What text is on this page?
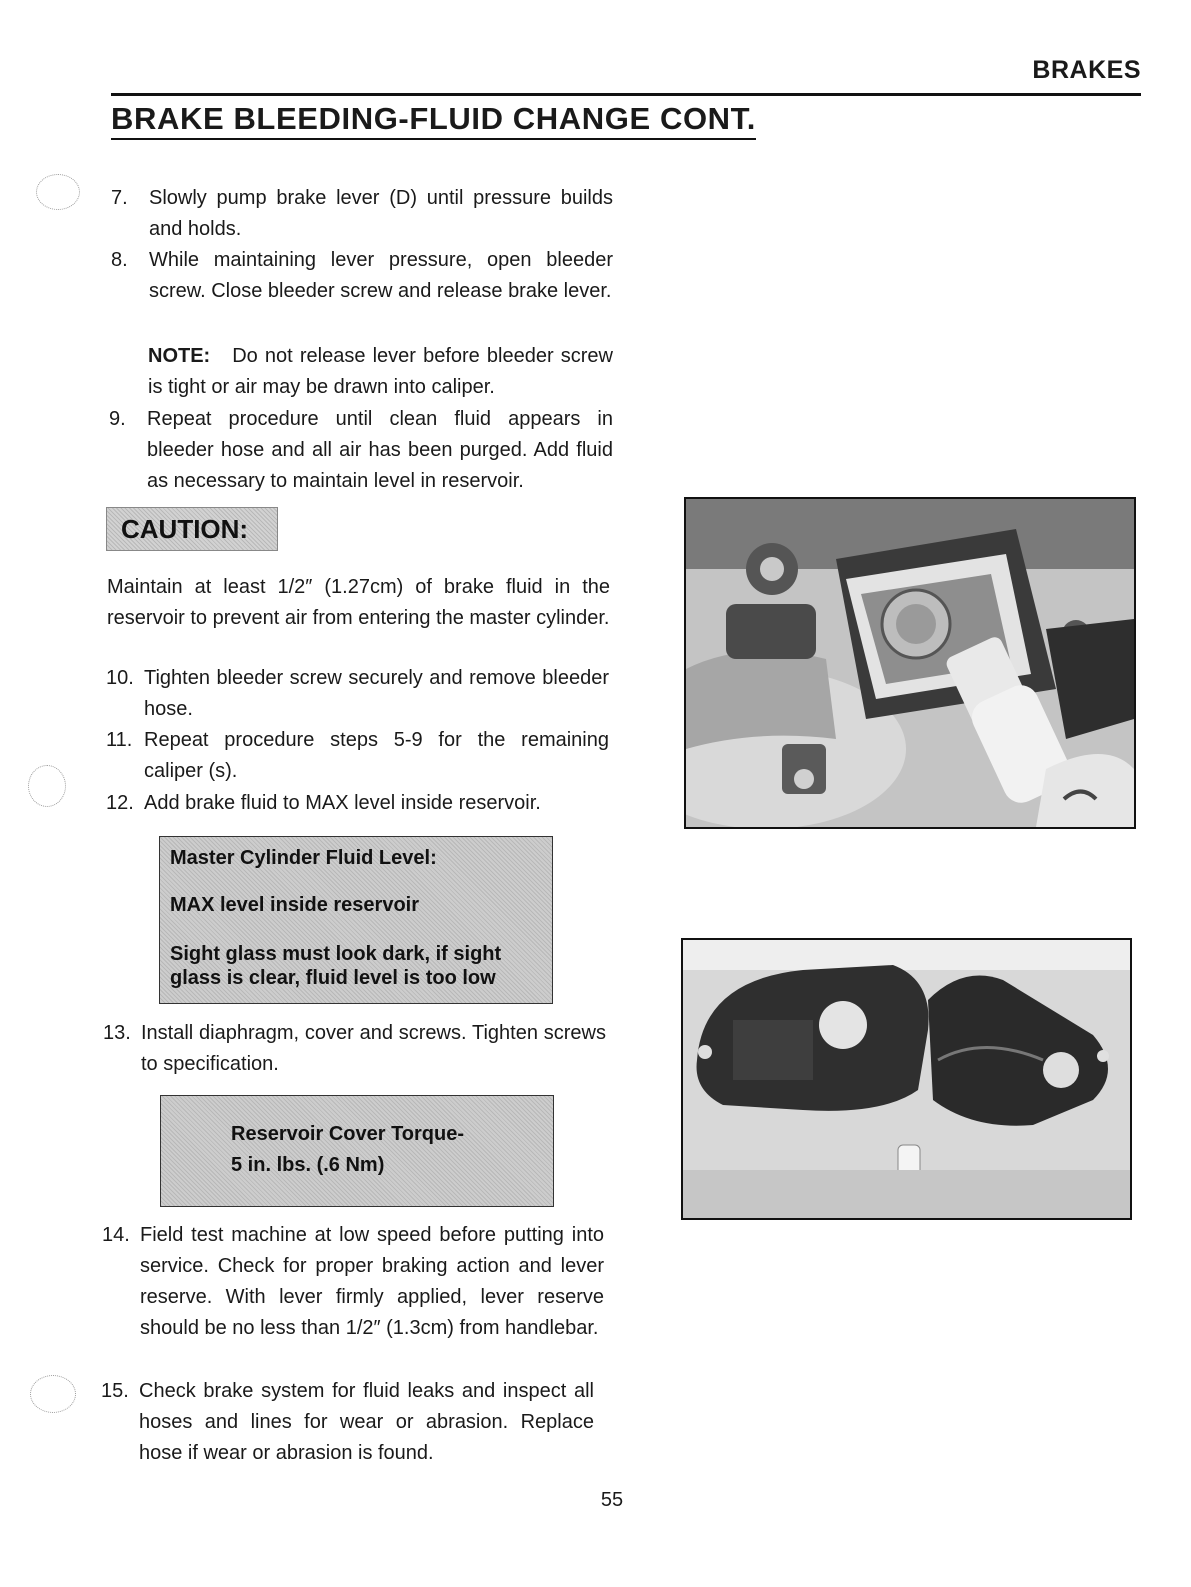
BRAKES
BRAKE BLEEDING-FLUID CHANGE CONT.
7. Slowly pump brake lever (D) until pressure builds and holds.
8. While maintaining lever pressure, open bleeder screw. Close bleeder screw and release brake lever.
NOTE: Do not release lever before bleeder screw is tight or air may be drawn into caliper.
9. Repeat procedure until clean fluid appears in bleeder hose and all air has been purged. Add fluid as necessary to maintain level in reservoir.
CAUTION:
Maintain at least 1/2″ (1.27cm) of brake fluid in the reservoir to prevent air from entering the master cylinder.
10. Tighten bleeder screw securely and remove bleeder hose.
11. Repeat procedure steps 5-9 for the remaining caliper (s).
12. Add brake fluid to MAX level inside reservoir.
Master Cylinder Fluid Level:
MAX level inside reservoir
Sight glass must look dark, if sight
glass is clear, fluid level is too low
13. Install diaphragm, cover and screws. Tighten screws to specification.
Reservoir Cover Torque-
5 in. lbs. (.6 Nm)
14. Field test machine at low speed before putting into service. Check for proper braking action and lever reserve. With lever firmly applied, lever reserve should be no less than 1/2″ (1.3cm) from handlebar.
15. Check brake system for fluid leaks and inspect all hoses and lines for wear or abrasion. Replace hose if wear or abrasion is found.
55
